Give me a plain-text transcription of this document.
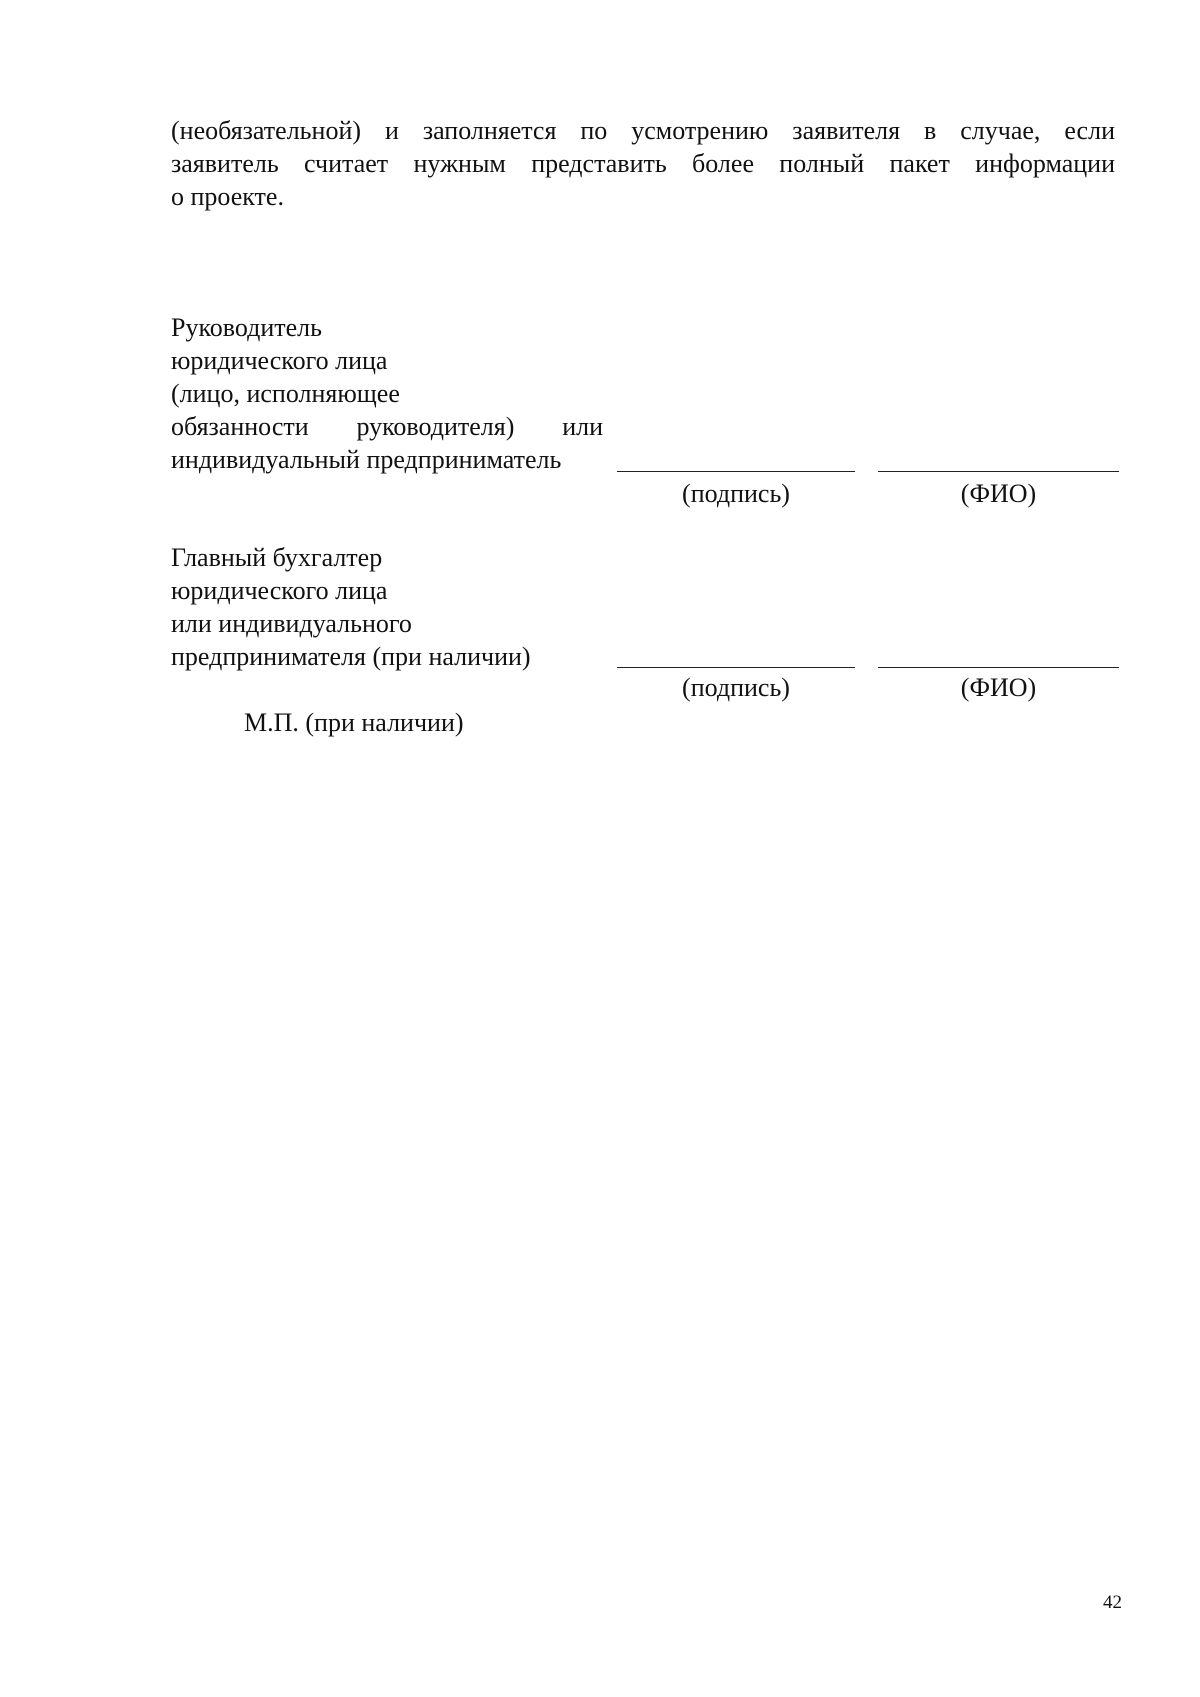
(необязательной) и заполняется по усмотрению заявителя в случае, если
заявитель считает нужным представить более полный пакет информации
о проекте.
Руководитель
юридического лица
(лицо, исполняющее
обязанности руководителя) или
индивидуальный предприниматель
(подпись)	(ФИО)
Главный бухгалтер
юридического лица
или индивидуального
предпринимателя (при наличии)
(подпись)	(ФИО)
М.П. (при наличии)
42
